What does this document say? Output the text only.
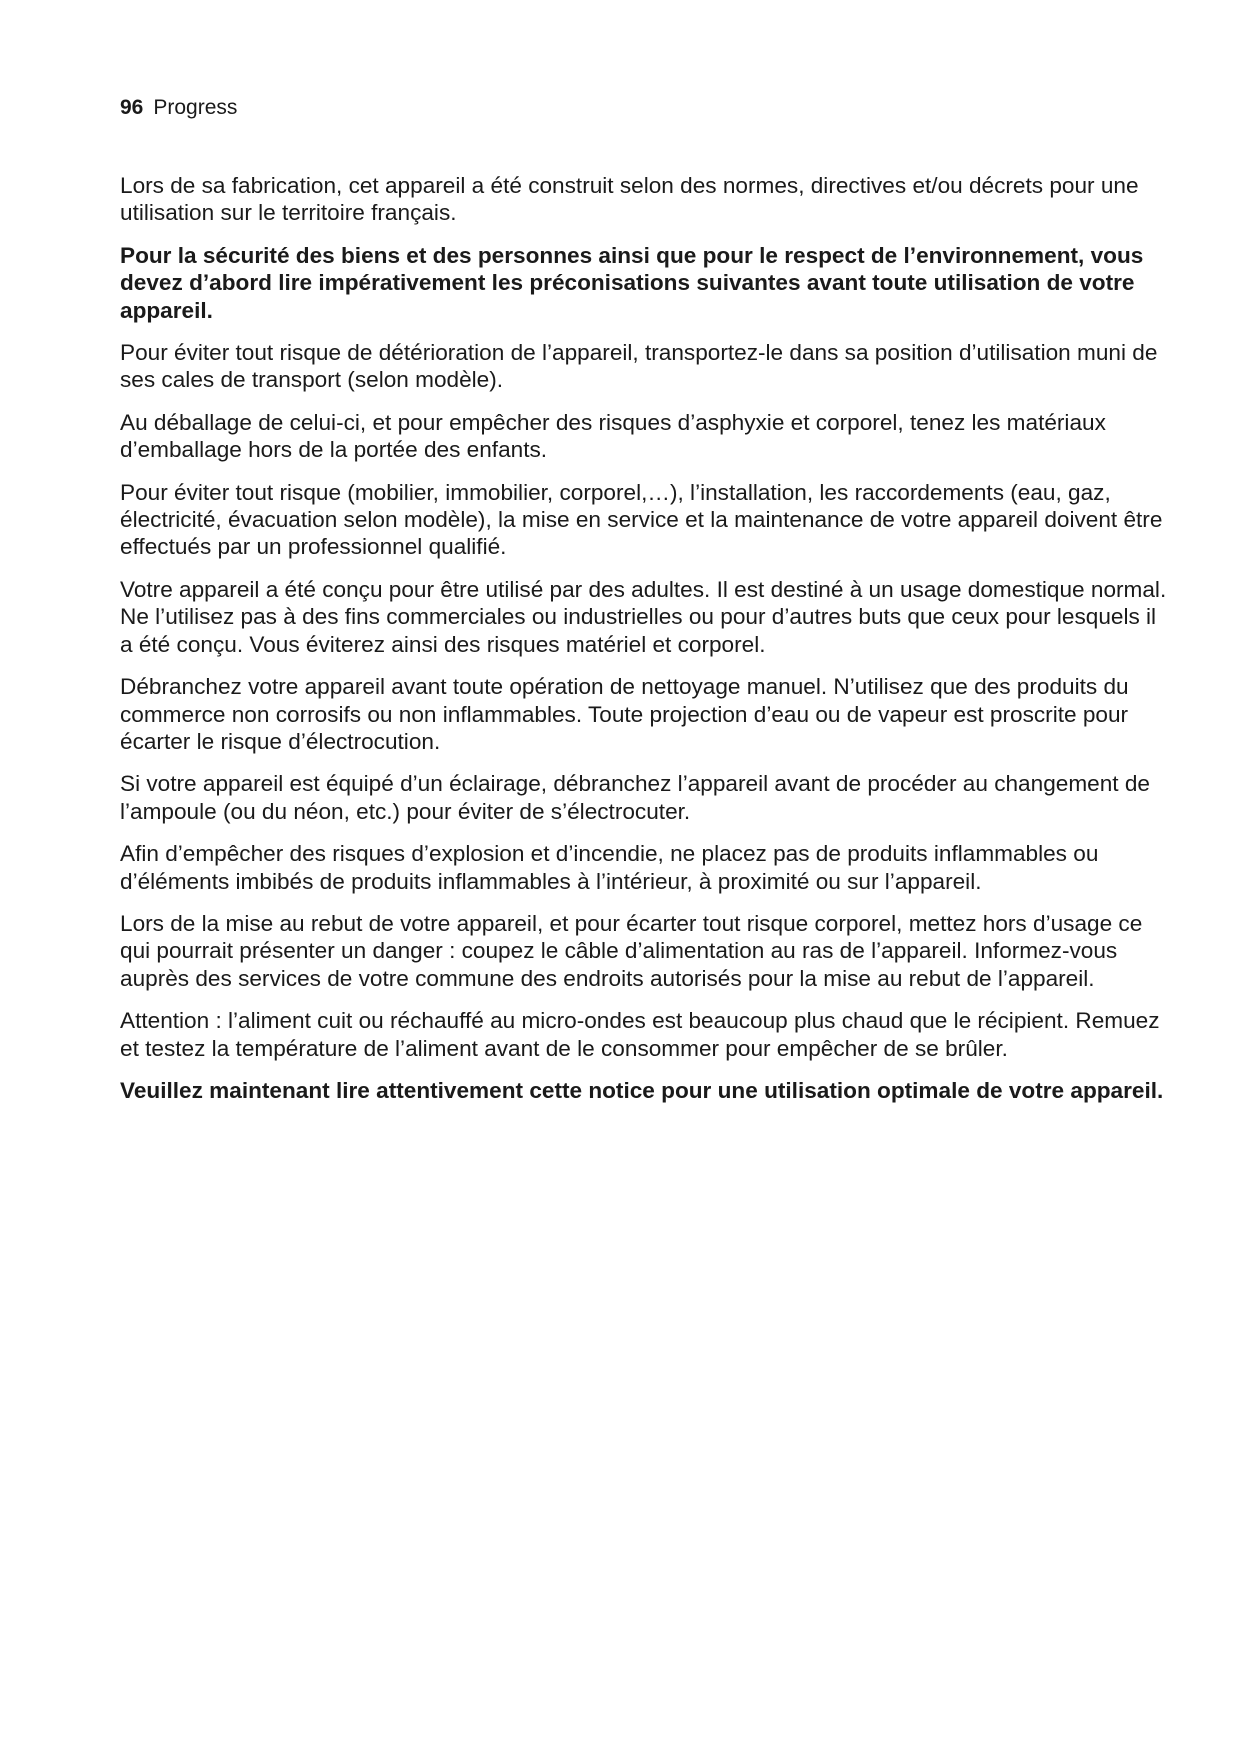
96 Progress

Lors de sa fabrication, cet appareil a été construit selon des normes, directives et/ou décrets pour une utilisation sur le territoire français.

Pour la sécurité des biens et des personnes ainsi que pour le respect de l’environnement, vous devez d’abord lire impérativement les préconisations suivantes avant toute utilisation de votre appareil.

Pour éviter tout risque de détérioration de l’appareil, transportez-le dans sa position d’utilisation muni de ses cales de transport (selon modèle).

Au déballage de celui-ci, et pour empêcher des risques d’asphyxie et corporel, tenez les matériaux d’emballage hors de la portée des enfants.

Pour éviter tout risque (mobilier, immobilier, corporel,…), l’installation, les raccordements (eau, gaz, électricité, évacuation selon modèle), la mise en service et la maintenance de votre appareil doivent être effectués par un professionnel qualifié.

Votre appareil a été conçu pour être utilisé par des adultes. Il est destiné à un usage domestique normal. Ne l’utilisez pas à des fins commerciales ou industrielles ou pour d’autres buts que ceux pour lesquels il a été conçu. Vous éviterez ainsi des risques matériel et corporel.

Débranchez votre appareil avant toute opération de nettoyage manuel. N’utilisez que des produits du commerce non corrosifs ou non inflammables. Toute projection d’eau ou de vapeur est proscrite pour écarter le risque d’électrocution.

Si votre appareil est équipé d’un éclairage, débranchez l’appareil avant de procéder au changement de l’ampoule (ou du néon, etc.) pour éviter de s’électrocuter.

Afin d’empêcher des risques d’explosion et d’incendie, ne placez pas de produits inflammables ou d’éléments imbibés de produits inflammables à l’intérieur, à proximité ou sur l’appareil.

Lors de la mise au rebut de votre appareil, et pour écarter tout risque corporel, mettez hors d’usage ce qui pourrait présenter un danger : coupez le câble d’alimentation au ras de l’appareil. Informez-vous auprès des services de votre commune des endroits autorisés pour la mise au rebut de l’appareil.

Attention : l’aliment cuit ou réchauffé au micro-ondes est beaucoup plus chaud que le récipient. Remuez et testez la température de l’aliment avant de le consommer pour empêcher de se brûler.

Veuillez maintenant lire attentivement cette notice pour une utilisation optimale de votre appareil.
